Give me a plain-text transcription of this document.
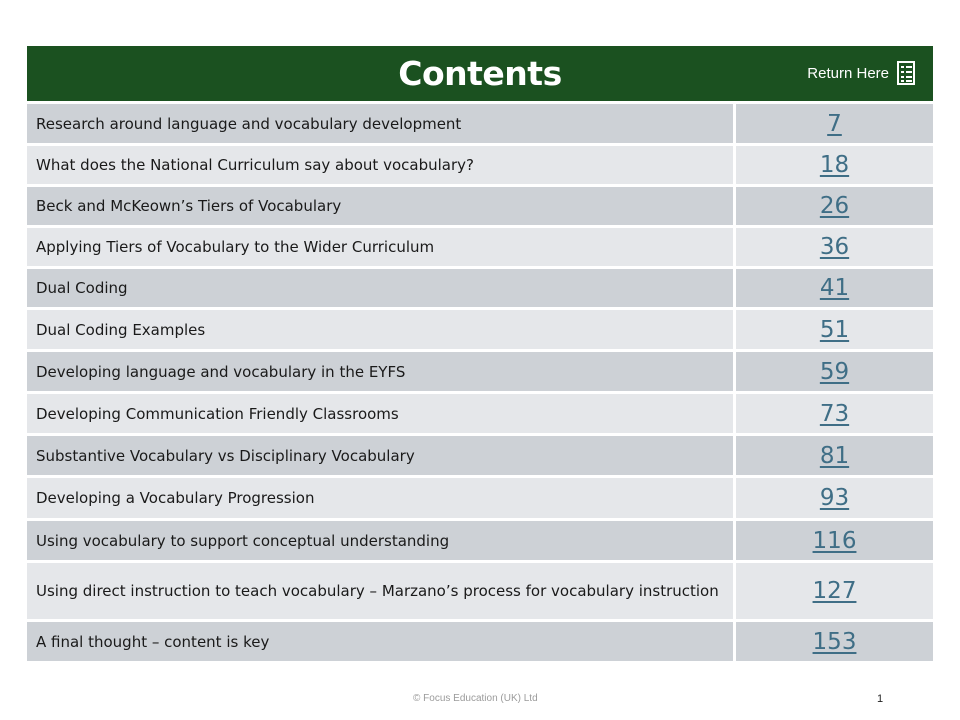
Contents	Return Here
Research around language and vocabulary development	7
What does the National Curriculum say about vocabulary?	18
Beck and McKeown’s Tiers of Vocabulary	26
Applying Tiers of Vocabulary to the Wider Curriculum	36
Dual Coding	41
Dual Coding Examples	51
Developing language and vocabulary in the EYFS	59
Developing Communication Friendly Classrooms	73
Substantive Vocabulary vs Disciplinary Vocabulary	81
Developing a Vocabulary Progression	93
Using vocabulary to support conceptual understanding	116
Using direct instruction to teach vocabulary – Marzano’s process for vocabulary instruction	127
A final thought – content is key	153
© Focus Education (UK) Ltd	1
